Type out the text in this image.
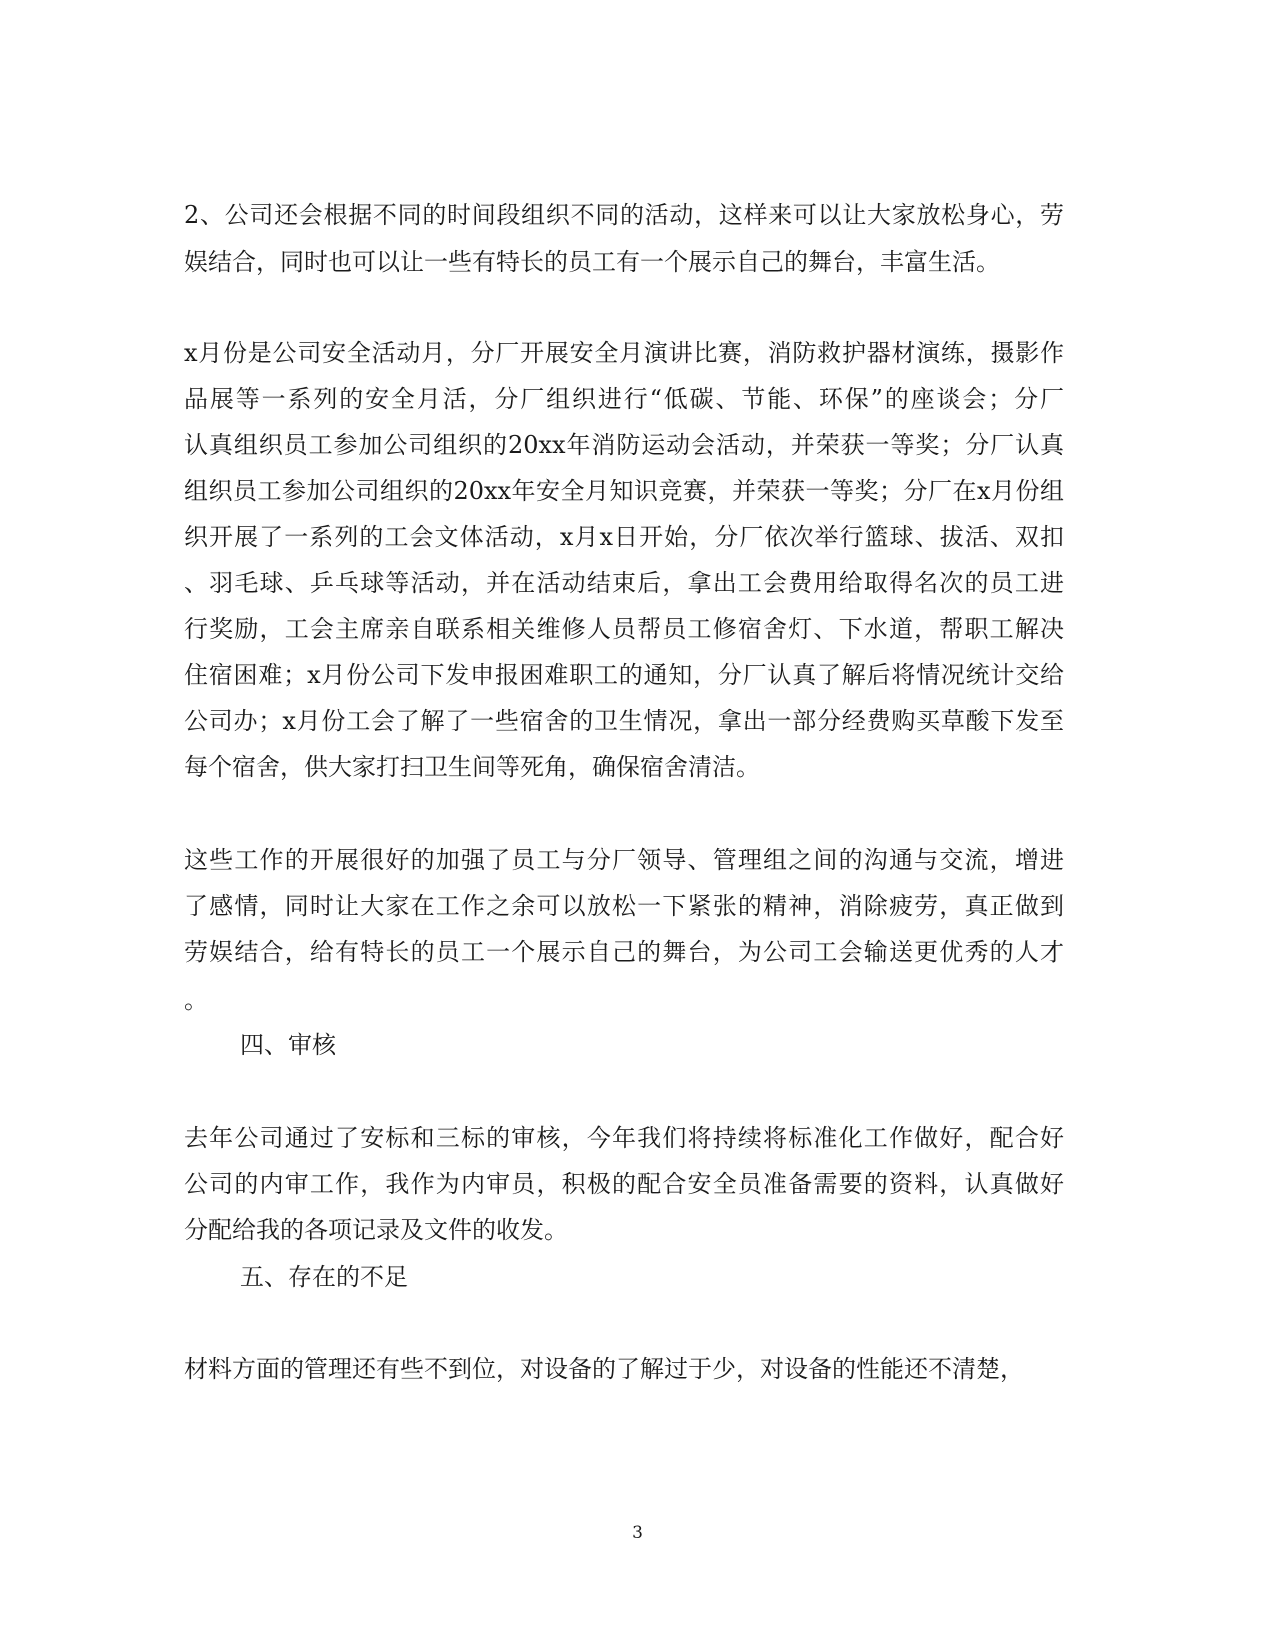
2、公司还会根据不同的时间段组织不同的活动，这样来可以让大家放松身心，劳
娱结合，同时也可以让一些有特长的员工有一个展示自己的舞台，丰富生活。
x月份是公司安全活动月，分厂开展安全月演讲比赛，消防救护器材演练，摄影作
品展等一系列的安全月活，分厂组织进行“低碳、节能、环保”的座谈会；分厂
认真组织员工参加公司组织的20xx年消防运动会活动，并荣获一等奖；分厂认真
组织员工参加公司组织的20xx年安全月知识竞赛，并荣获一等奖；分厂在x月份组
织开展了一系列的工会文体活动，x月x日开始，分厂依次举行篮球、拔活、双扣
、羽毛球、乒乓球等活动，并在活动结束后，拿出工会费用给取得名次的员工进
行奖励，工会主席亲自联系相关维修人员帮员工修宿舍灯、下水道，帮职工解决
住宿困难；x月份公司下发申报困难职工的通知，分厂认真了解后将情况统计交给
公司办；x月份工会了解了一些宿舍的卫生情况，拿出一部分经费购买草酸下发至
每个宿舍，供大家打扫卫生间等死角，确保宿舍清洁。
这些工作的开展很好的加强了员工与分厂领导、管理组之间的沟通与交流，增进
了感情，同时让大家在工作之余可以放松一下紧张的精神，消除疲劳，真正做到
劳娱结合，给有特长的员工一个展示自己的舞台，为公司工会输送更优秀的人才
。
四、审核
去年公司通过了安标和三标的审核，今年我们将持续将标准化工作做好，配合好
公司的内审工作，我作为内审员，积极的配合安全员准备需要的资料，认真做好
分配给我的各项记录及文件的收发。
五、存在的不足
材料方面的管理还有些不到位，对设备的了解过于少，对设备的性能还不清楚，
3
